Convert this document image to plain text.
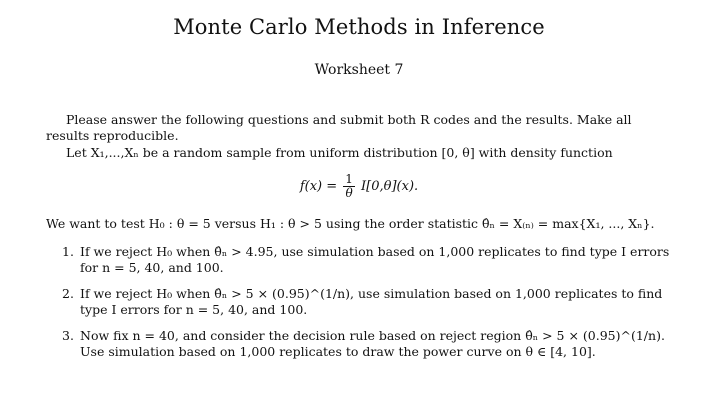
Monte Carlo Methods in Inference
Worksheet 7
Please answer the following questions and submit both R codes and the results. Make all results reproducible.
Let X₁,...,Xₙ be a random sample from uniform distribution [0, θ] with density function
$f(x) = \frac{1}{\theta} I[0,\theta](x)$.
We want to test H₀ : θ = 5 versus H₁ : θ > 5 using the order statistic θ̂ₙ = X₍ₙ₎ = max{X₁, ..., Xₙ}.
1. If we reject H₀ when θ̂ₙ > 4.95, use simulation based on 1,000 replicates to find type I errors for n = 5, 40, and 100.
2. If we reject H₀ when θ̂ₙ > 5 × (0.95)^(1/n), use simulation based on 1,000 replicates to find type I errors for n = 5, 40, and 100.
3. Now fix n = 40, and consider the decision rule based on reject region θ̂ₙ > 5 × (0.95)^(1/n). Use simulation based on 1,000 replicates to draw the power curve on θ ∈ [4, 10].
